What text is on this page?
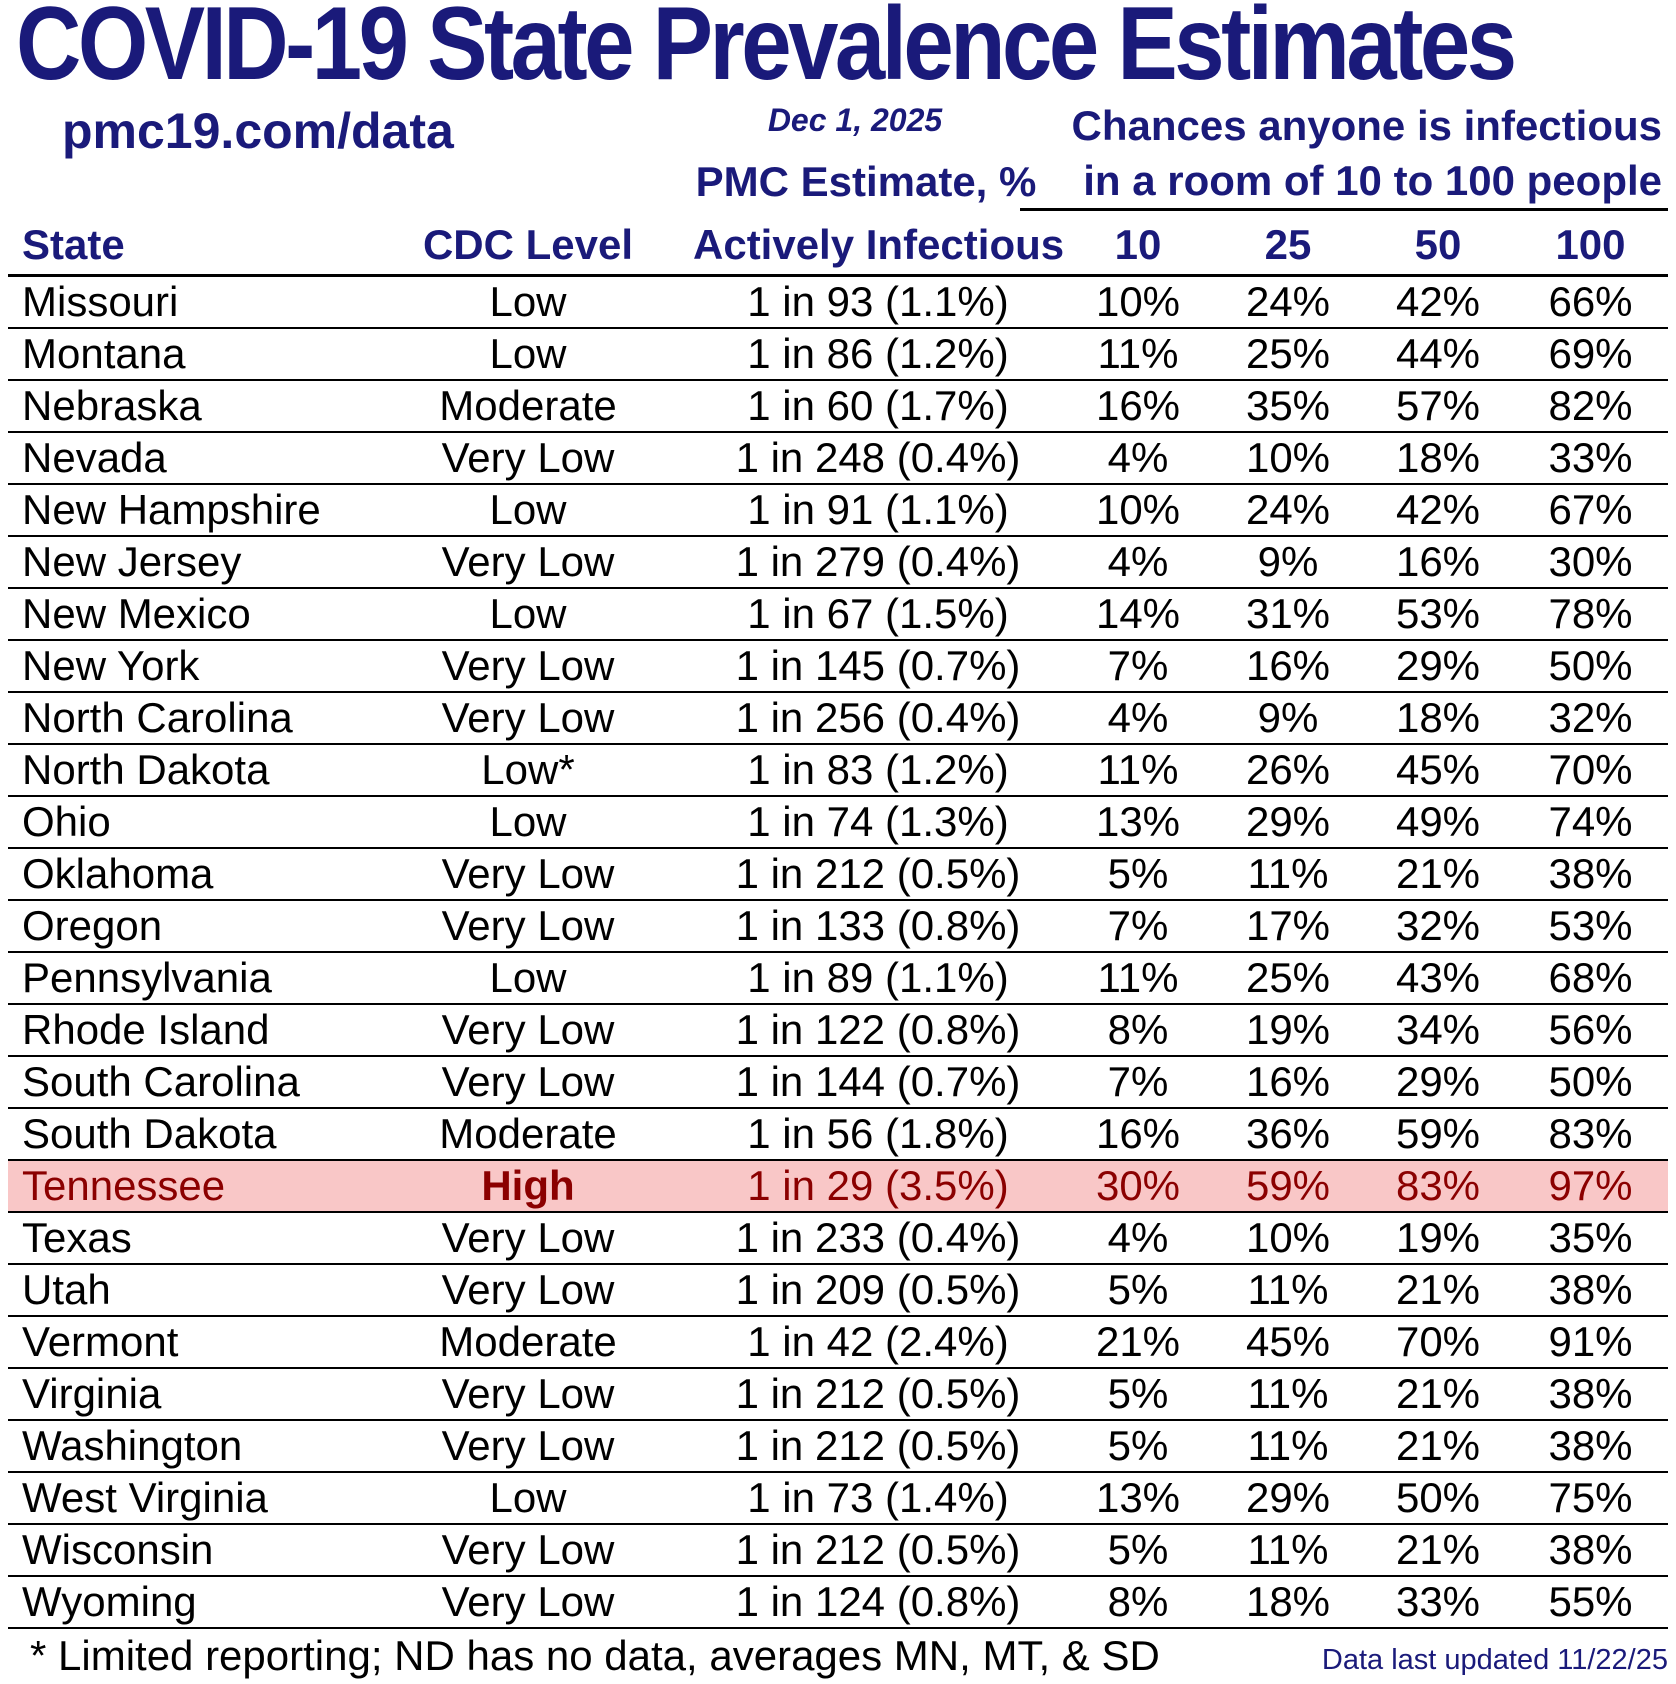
COVID-19 State Prevalence Estimates
pmc19.com/data	Dec 1, 2025
PMC Estimate, %
Chances anyone is infectious
in a room of 10 to 100 people
State	CDC Level	Actively Infectious	10	25	50	100
Missouri	Low	1 in 93 (1.1%)	10%	24%	42%	66%
Montana	Low	1 in 86 (1.2%)	11%	25%	44%	69%
Nebraska	Moderate	1 in 60 (1.7%)	16%	35%	57%	82%
Nevada	Very Low	1 in 248 (0.4%)	4%	10%	18%	33%
New Hampshire	Low	1 in 91 (1.1%)	10%	24%	42%	67%
New Jersey	Very Low	1 in 279 (0.4%)	4%	9%	16%	30%
New Mexico	Low	1 in 67 (1.5%)	14%	31%	53%	78%
New York	Very Low	1 in 145 (0.7%)	7%	16%	29%	50%
North Carolina	Very Low	1 in 256 (0.4%)	4%	9%	18%	32%
North Dakota	Low*	1 in 83 (1.2%)	11%	26%	45%	70%
Ohio	Low	1 in 74 (1.3%)	13%	29%	49%	74%
Oklahoma	Very Low	1 in 212 (0.5%)	5%	11%	21%	38%
Oregon	Very Low	1 in 133 (0.8%)	7%	17%	32%	53%
Pennsylvania	Low	1 in 89 (1.1%)	11%	25%	43%	68%
Rhode Island	Very Low	1 in 122 (0.8%)	8%	19%	34%	56%
South Carolina	Very Low	1 in 144 (0.7%)	7%	16%	29%	50%
South Dakota	Moderate	1 in 56 (1.8%)	16%	36%	59%	83%
Tennessee	High	1 in 29 (3.5%)	30%	59%	83%	97%
Texas	Very Low	1 in 233 (0.4%)	4%	10%	19%	35%
Utah	Very Low	1 in 209 (0.5%)	5%	11%	21%	38%
Vermont	Moderate	1 in 42 (2.4%)	21%	45%	70%	91%
Virginia	Very Low	1 in 212 (0.5%)	5%	11%	21%	38%
Washington	Very Low	1 in 212 (0.5%)	5%	11%	21%	38%
West Virginia	Low	1 in 73 (1.4%)	13%	29%	50%	75%
Wisconsin	Very Low	1 in 212 (0.5%)	5%	11%	21%	38%
Wyoming	Very Low	1 in 124 (0.8%)	8%	18%	33%	55%
* Limited reporting; ND has no data, averages MN, MT, & SD	Data last updated 11/22/25
